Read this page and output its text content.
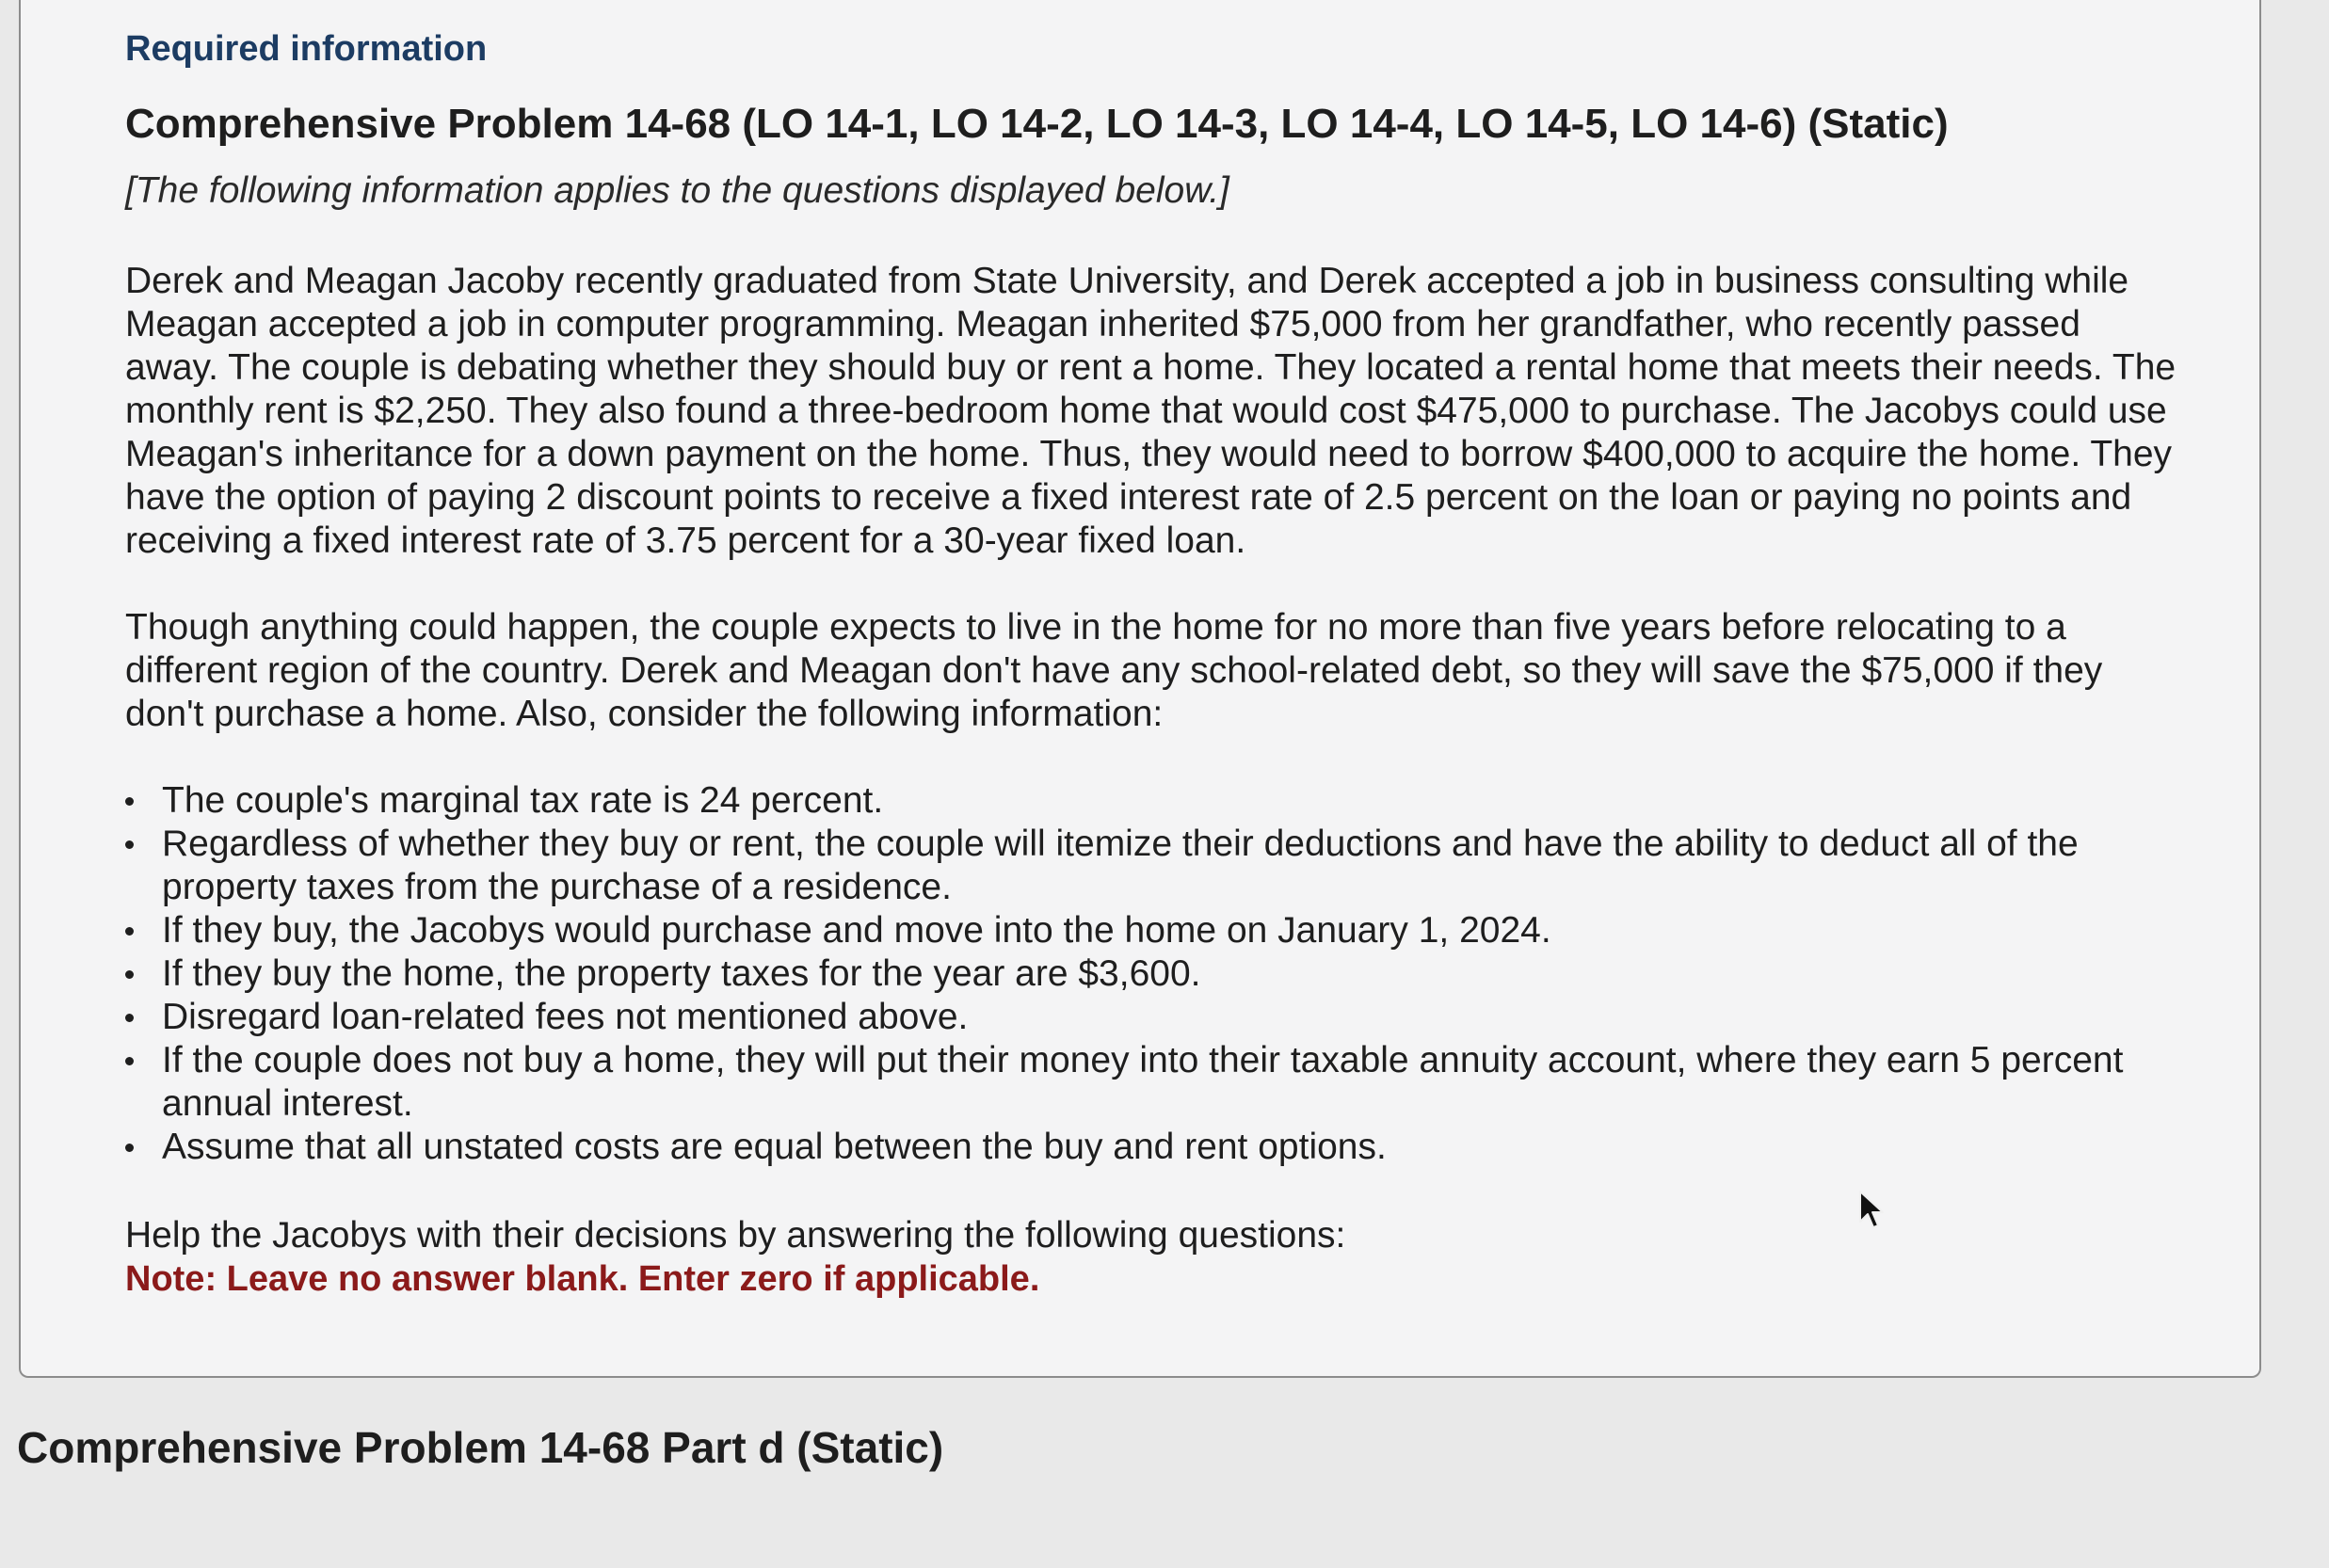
Required information
Comprehensive Problem 14-68 (LO 14-1, LO 14-2, LO 14-3, LO 14-4, LO 14-5, LO 14-6) (Static)
[The following information applies to the questions displayed below.]

Derek and Meagan Jacoby recently graduated from State University, and Derek accepted a job in business consulting while Meagan accepted a job in computer programming. Meagan inherited $75,000 from her grandfather, who recently passed away. The couple is debating whether they should buy or rent a home. They located a rental home that meets their needs. The monthly rent is $2,250. They also found a three-bedroom home that would cost $475,000 to purchase. The Jacobys could use Meagan's inheritance for a down payment on the home. Thus, they would need to borrow $400,000 to acquire the home. They have the option of paying 2 discount points to receive a fixed interest rate of 2.5 percent on the loan or paying no points and receiving a fixed interest rate of 3.75 percent for a 30-year fixed loan.

Though anything could happen, the couple expects to live in the home for no more than five years before relocating to a different region of the country. Derek and Meagan don't have any school-related debt, so they will save the $75,000 if they don't purchase a home. Also, consider the following information:

The couple's marginal tax rate is 24 percent.
Regardless of whether they buy or rent, the couple will itemize their deductions and have the ability to deduct all of the property taxes from the purchase of a residence.
If they buy, the Jacobys would purchase and move into the home on January 1, 2024.
If they buy the home, the property taxes for the year are $3,600.
Disregard loan-related fees not mentioned above.
If the couple does not buy a home, they will put their money into their taxable annuity account, where they earn 5 percent annual interest.
Assume that all unstated costs are equal between the buy and rent options.

Help the Jacobys with their decisions by answering the following questions:

Note: Leave no answer blank. Enter zero if applicable.

Comprehensive Problem 14-68 Part d (Static)
